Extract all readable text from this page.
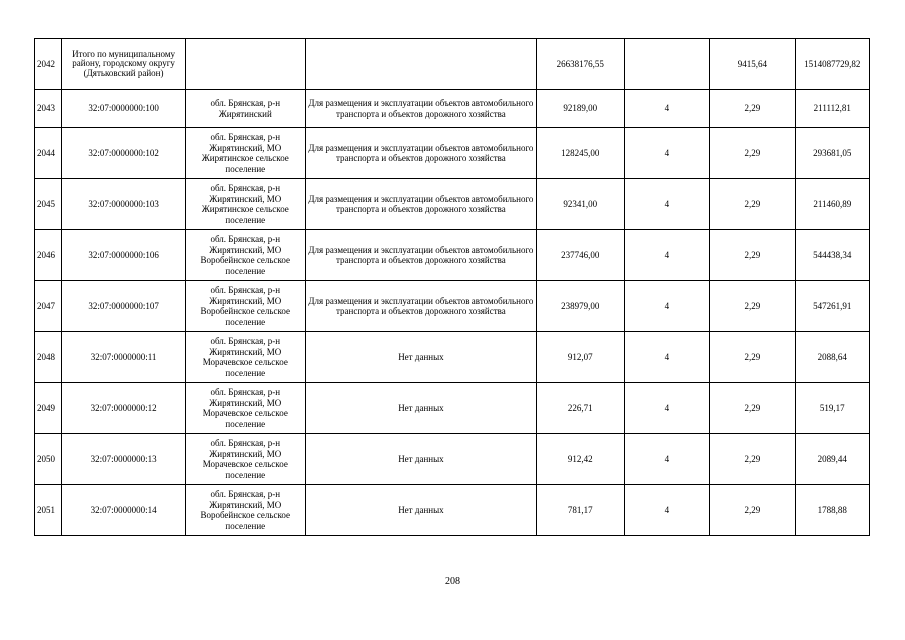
2042	Итого по муниципальному району, городскому округу (Дятьковский район)			26638176,55		9415,64	1514087729,82
2043	32:07:0000000:100	обл. Брянская, р-н Жирятинский	Для размещения и эксплуатации объектов автомобильного транспорта и объектов дорожного хозяйства	92189,00	4	2,29	211112,81
2044	32:07:0000000:102	обл. Брянская, р-н Жирятинский, МО Жирятинское сельское поселение	Для размещения и эксплуатации объектов автомобильного транспорта и объектов дорожного хозяйства	128245,00	4	2,29	293681,05
2045	32:07:0000000:103	обл. Брянская, р-н Жирятинский, МО Жирятинское сельское поселение	Для размещения и эксплуатации объектов автомобильного транспорта и объектов дорожного хозяйства	92341,00	4	2,29	211460,89
2046	32:07:0000000:106	обл. Брянская, р-н Жирятинский, МО Воробейнское сельское поселение	Для размещения и эксплуатации объектов автомобильного транспорта и объектов дорожного хозяйства	237746,00	4	2,29	544438,34
2047	32:07:0000000:107	обл. Брянская, р-н Жирятинский, МО Воробейнское сельское поселение	Для размещения и эксплуатации объектов автомобильного транспорта и объектов дорожного хозяйства	238979,00	4	2,29	547261,91
2048	32:07:0000000:11	обл. Брянская, р-н Жирятинский, МО Морачевское сельское поселение	Нет данных	912,07	4	2,29	2088,64
2049	32:07:0000000:12	обл. Брянская, р-н Жирятинский, МО Морачевское сельское поселение	Нет данных	226,71	4	2,29	519,17
2050	32:07:0000000:13	обл. Брянская, р-н Жирятинский, МО Морачевское сельское поселение	Нет данных	912,42	4	2,29	2089,44
2051	32:07:0000000:14	обл. Брянская, р-н Жирятинский, МО Воробейнское сельское поселение	Нет данных	781,17	4	2,29	1788,88
208
